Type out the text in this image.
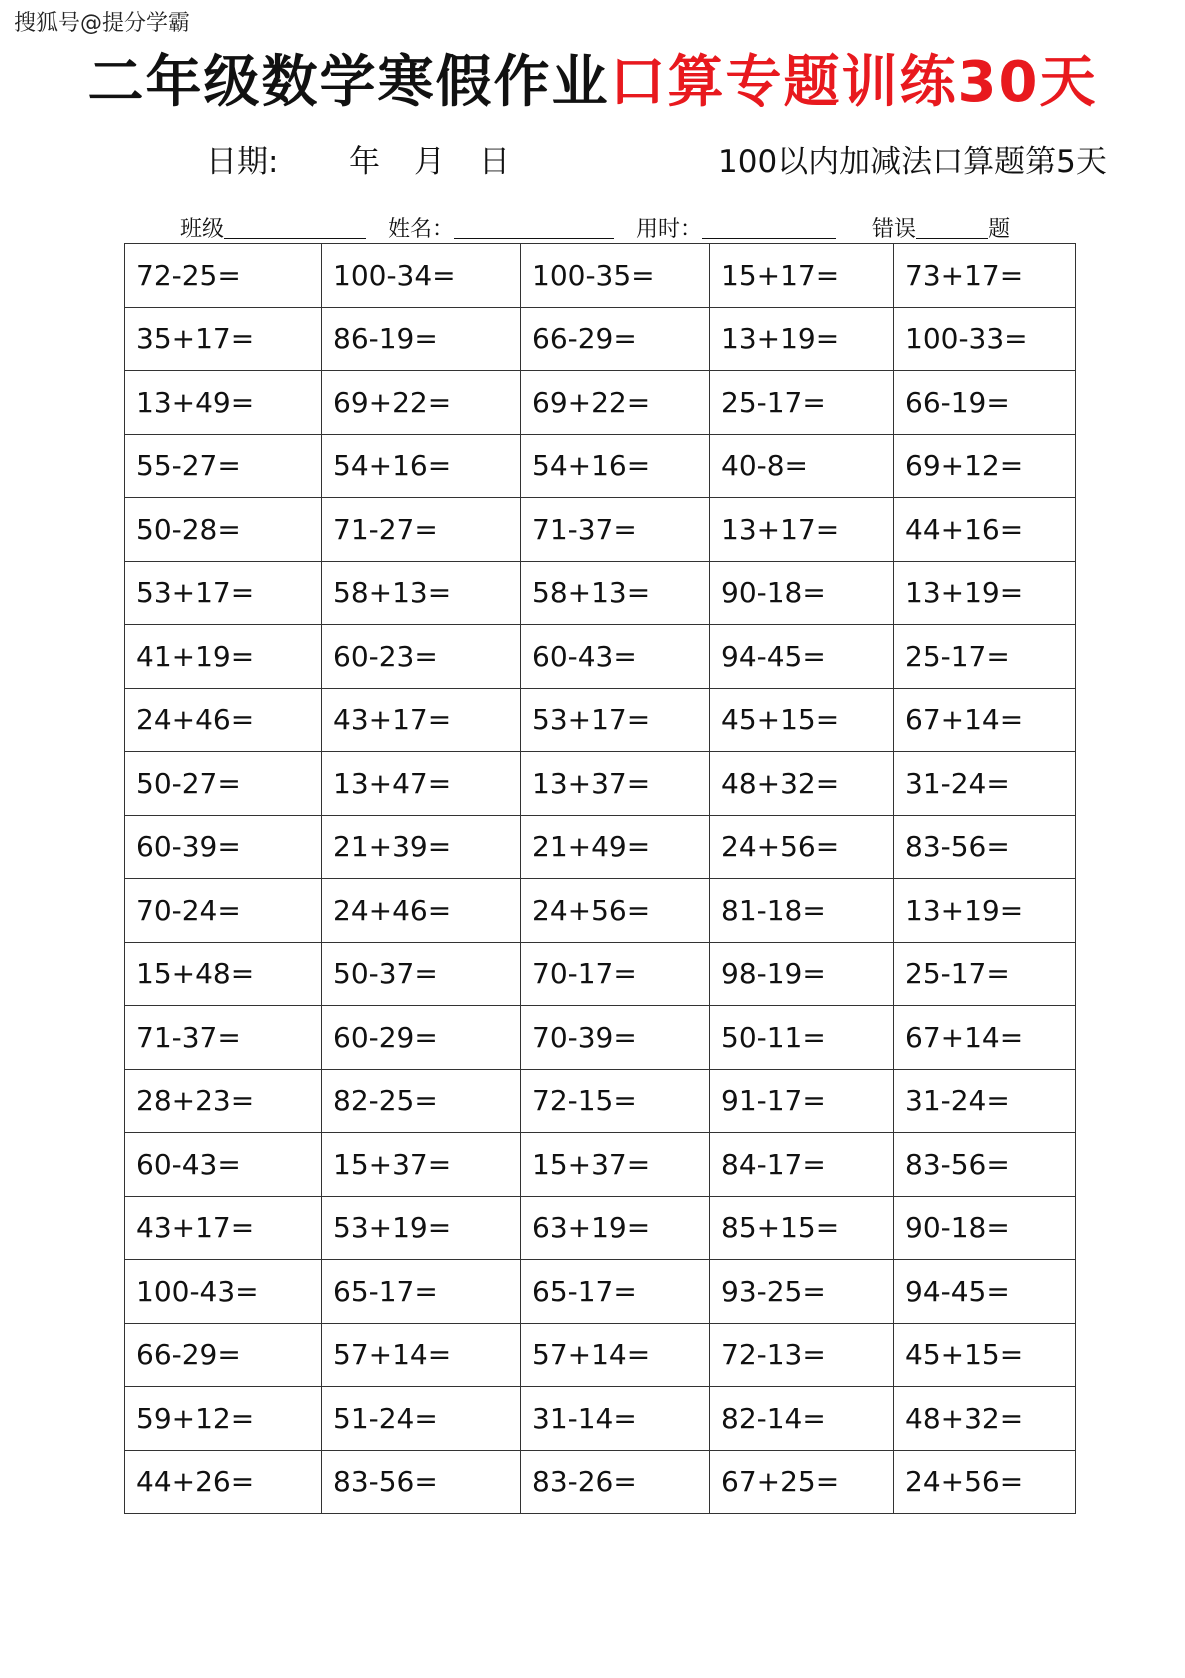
搜狐号@提分学霸
二年级数学寒假作业口算专题训练30天
日期: 年 月 日	100以内加减法口算题第5天
班级	姓名：	用时：	错误	题
72-25=	100-34=	100-35=	15+17=	73+17=
35+17=	86-19=	66-29=	13+19=	100-33=
13+49=	69+22=	69+22=	25-17=	66-19=
55-27=	54+16=	54+16=	40-8=	69+12=
50-28=	71-27=	71-37=	13+17=	44+16=
53+17=	58+13=	58+13=	90-18=	13+19=
41+19=	60-23=	60-43=	94-45=	25-17=
24+46=	43+17=	53+17=	45+15=	67+14=
50-27=	13+47=	13+37=	48+32=	31-24=
60-39=	21+39=	21+49=	24+56=	83-56=
70-24=	24+46=	24+56=	81-18=	13+19=
15+48=	50-37=	70-17=	98-19=	25-17=
71-37=	60-29=	70-39=	50-11=	67+14=
28+23=	82-25=	72-15=	91-17=	31-24=
60-43=	15+37=	15+37=	84-17=	83-56=
43+17=	53+19=	63+19=	85+15=	90-18=
100-43=	65-17=	65-17=	93-25=	94-45=
66-29=	57+14=	57+14=	72-13=	45+15=
59+12=	51-24=	31-14=	82-14=	48+32=
44+26=	83-56=	83-26=	67+25=	24+56=
